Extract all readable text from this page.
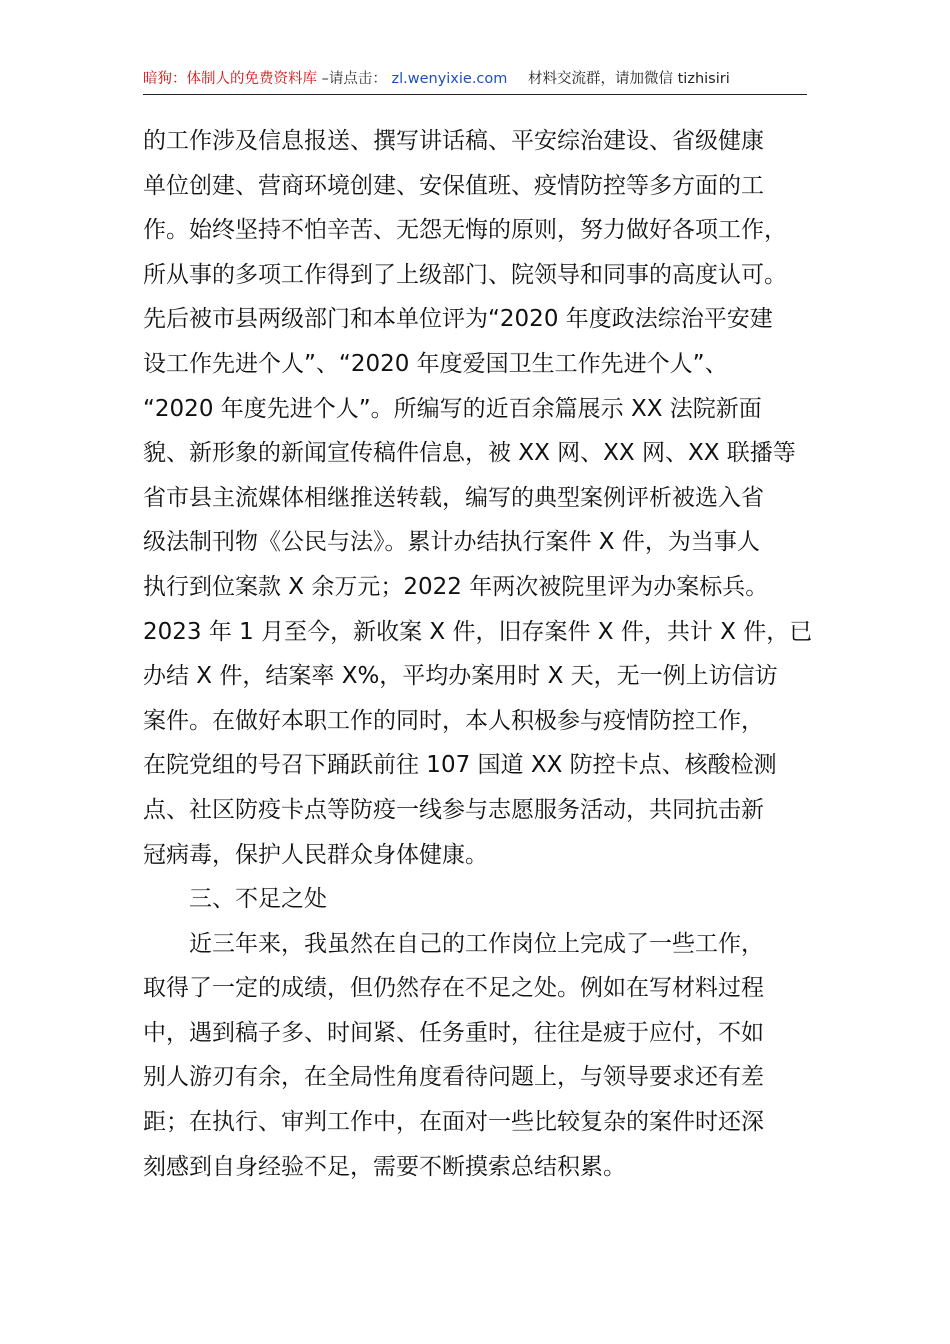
暗狗：体制人的免费资料库 –请点击： zl.wenyixie.com 材料交流群，请加微信 tizhisiri
的工作涉及信息报送、撰写讲话稿、平安综治建设、省级健康
单位创建、营商环境创建、安保值班、疫情防控等多方面的工
作。始终坚持不怕辛苦、无怨无悔的原则，努力做好各项工作，
所从事的多项工作得到了上级部门、院领导和同事的高度认可。
先后被市县两级部门和本单位评为“2020 年度政法综治平安建
设工作先进个人”、“2020 年度爱国卫生工作先进个人”、
“2020 年度先进个人”。所编写的近百余篇展示 XX 法院新面
貌、新形象的新闻宣传稿件信息，被 XX 网、XX 网、XX 联播等
省市县主流媒体相继推送转载，编写的典型案例评析被选入省
级法制刊物《公民与法》。累计办结执行案件 X 件，为当事人
执行到位案款 X 余万元；2022 年两次被院里评为办案标兵。
2023 年 1 月至今，新收案 X 件，旧存案件 X 件，共计 X 件，已
办结 X 件，结案率 X%，平均办案用时 X 天，无一例上访信访
案件。在做好本职工作的同时，本人积极参与疫情防控工作，
在院党组的号召下踊跃前往 107 国道 XX 防控卡点、核酸检测
点、社区防疫卡点等防疫一线参与志愿服务活动，共同抗击新
冠病毒，保护人民群众身体健康。
三、不足之处
近三年来，我虽然在自己的工作岗位上完成了一些工作，
取得了一定的成绩，但仍然存在不足之处。例如在写材料过程
中，遇到稿子多、时间紧、任务重时，往往是疲于应付，不如
别人游刃有余，在全局性角度看待问题上，与领导要求还有差
距；在执行、审判工作中，在面对一些比较复杂的案件时还深
刻感到自身经验不足，需要不断摸索总结积累。
